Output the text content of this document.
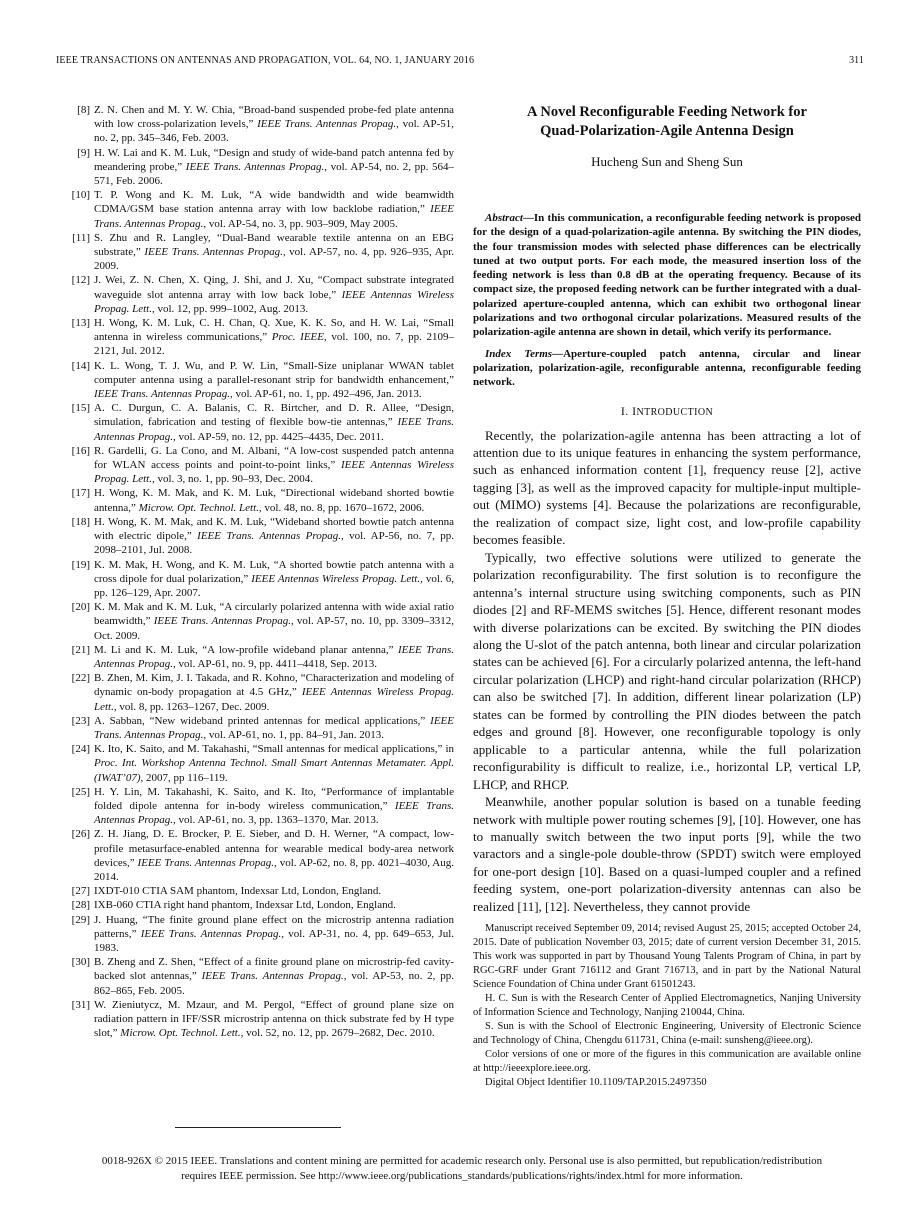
IEEE TRANSACTIONS ON ANTENNAS AND PROPAGATION, VOL. 64, NO. 1, JANUARY 2016	311
[8] Z. N. Chen and M. Y. W. Chia, “Broad-band suspended probe-fed plate antenna with low cross-polarization levels,” IEEE Trans. Antennas Propag., vol. AP-51, no. 2, pp. 345–346, Feb. 2003.
[9] H. W. Lai and K. M. Luk, “Design and study of wide-band patch antenna fed by meandering probe,” IEEE Trans. Antennas Propag., vol. AP-54, no. 2, pp. 564–571, Feb. 2006.
[10] T. P. Wong and K. M. Luk, “A wide bandwidth and wide beamwidth CDMA/GSM base station antenna array with low backlobe radiation,” IEEE Trans. Antennas Propag., vol. AP-54, no. 3, pp. 903–909, May 2005.
[11] S. Zhu and R. Langley, “Dual-Band wearable textile antenna on an EBG substrate,” IEEE Trans. Antennas Propag., vol. AP-57, no. 4, pp. 926–935, Apr. 2009.
[12] J. Wei, Z. N. Chen, X. Qing, J. Shi, and J. Xu, “Compact substrate integrated waveguide slot antenna array with low back lobe,” IEEE Antennas Wireless Propag. Lett., vol. 12, pp. 999–1002, Aug. 2013.
[13] H. Wong, K. M. Luk, C. H. Chan, Q. Xue, K. K. So, and H. W. Lai, “Small antenna in wireless communications,” Proc. IEEE, vol. 100, no. 7, pp. 2109–2121, Jul. 2012.
[14] K. L. Wong, T. J. Wu, and P. W. Lin, “Small-Size uniplanar WWAN tablet computer antenna using a parallel-resonant strip for bandwidth enhancement,” IEEE Trans. Antennas Propag., vol. AP-61, no. 1, pp. 492–496, Jan. 2013.
[15] A. C. Durgun, C. A. Balanis, C. R. Birtcher, and D. R. Allee, “Design, simulation, fabrication and testing of flexible bow-tie antennas,” IEEE Trans. Antennas Propag., vol. AP-59, no. 12, pp. 4425–4435, Dec. 2011.
[16] R. Gardelli, G. La Cono, and M. Albani, “A low-cost suspended patch antenna for WLAN access points and point-to-point links,” IEEE Antennas Wireless Propag. Lett., vol. 3, no. 1, pp. 90–93, Dec. 2004.
[17] H. Wong, K. M. Mak, and K. M. Luk, “Directional wideband shorted bowtie antenna,” Microw. Opt. Technol. Lett., vol. 48, no. 8, pp. 1670–1672, 2006.
[18] H. Wong, K. M. Mak, and K. M. Luk, “Wideband shorted bowtie patch antenna with electric dipole,” IEEE Trans. Antennas Propag., vol. AP-56, no. 7, pp. 2098–2101, Jul. 2008.
[19] K. M. Mak, H. Wong, and K. M. Luk, “A shorted bowtie patch antenna with a cross dipole for dual polarization,” IEEE Antennas Wireless Propag. Lett., vol. 6, pp. 126–129, Apr. 2007.
[20] K. M. Mak and K. M. Luk, “A circularly polarized antenna with wide axial ratio beamwidth,” IEEE Trans. Antennas Propag., vol. AP-57, no. 10, pp. 3309–3312, Oct. 2009.
[21] M. Li and K. M. Luk, “A low-profile wideband planar antenna,” IEEE Trans. Antennas Propag., vol. AP-61, no. 9, pp. 4411–4418, Sep. 2013.
[22] B. Zhen, M. Kim, J. I. Takada, and R. Kohno, “Characterization and modeling of dynamic on-body propagation at 4.5 GHz,” IEEE Antennas Wireless Propag. Lett., vol. 8, pp. 1263–1267, Dec. 2009.
[23] A. Sabban, “New wideband printed antennas for medical applications,” IEEE Trans. Antennas Propag., vol. AP-61, no. 1, pp. 84–91, Jan. 2013.
[24] K. Ito, K. Saito, and M. Takahashi, “Small antennas for medical applications,” in Proc. Int. Workshop Antenna Technol. Small Smart Antennas Metamater. Appl. (IWAT’07), 2007, pp 116–119.
[25] H. Y. Lin, M. Takahashi, K. Saito, and K. Ito, “Performance of implantable folded dipole antenna for in-body wireless communication,” IEEE Trans. Antennas Propag., vol. AP-61, no. 3, pp. 1363–1370, Mar. 2013.
[26] Z. H. Jiang, D. E. Brocker, P. E. Sieber, and D. H. Werner, “A compact, low-profile metasurface-enabled antenna for wearable medical body-area network devices,” IEEE Trans. Antennas Propag., vol. AP-62, no. 8, pp. 4021–4030, Aug. 2014.
[27] IXDT-010 CTIA SAM phantom, Indexsar Ltd, London, England.
[28] IXB-060 CTIA right hand phantom, Indexsar Ltd, London, England.
[29] J. Huang, “The finite ground plane effect on the microstrip antenna radiation patterns,” IEEE Trans. Antennas Propag., vol. AP-31, no. 4, pp. 649–653, Jul. 1983.
[30] B. Zheng and Z. Shen, “Effect of a finite ground plane on microstrip-fed cavity-backed slot antennas,” IEEE Trans. Antennas Propag., vol. AP-53, no. 2, pp. 862–865, Feb. 2005.
[31] W. Zieniutycz, M. Mzaur, and M. Pergol, “Effect of ground plane size on radiation pattern in IFF/SSR microstrip antenna on thick substrate fed by H type slot,” Microw. Opt. Technol. Lett., vol. 52, no. 12, pp. 2679–2682, Dec. 2010.
A Novel Reconfigurable Feeding Network for
Quad-Polarization-Agile Antenna Design
Hucheng Sun and Sheng Sun
Abstract—In this communication, a reconfigurable feeding network is proposed for the design of a quad-polarization-agile antenna. By switching the PIN diodes, the four transmission modes with selected phase differences can be electrically tuned at two output ports. For each mode, the measured insertion loss of the feeding network is less than 0.8 dB at the operating frequency. Because of its compact size, the proposed feeding network can be further integrated with a dual-polarized aperture-coupled antenna, which can exhibit two orthogonal linear polarizations and two orthogonal circular polarizations. Measured results of the polarization-agile antenna are shown in detail, which verify its performance.
Index Terms—Aperture-coupled patch antenna, circular and linear polarization, polarization-agile, reconfigurable antenna, reconfigurable feeding network.
I. INTRODUCTION

Recently, the polarization-agile antenna has been attracting a lot of attention due to its unique features in enhancing the system performance, such as enhanced information content [1], frequency reuse [2], active tagging [3], as well as the improved capacity for multiple-input multiple-out (MIMO) systems [4]. Because the polarizations are reconfigurable, the realization of compact size, light cost, and low-profile capability becomes feasible.

Typically, two effective solutions were utilized to generate the polarization reconfigurability. The first solution is to reconfigure the antenna’s internal structure using switching components, such as PIN diodes [2] and RF-MEMS switches [5]. Hence, different resonant modes with diverse polarizations can be excited. By switching the PIN diodes along the U-slot of the patch antenna, both linear and circular polarization states can be achieved [6]. For a circularly polarized antenna, the left-hand circular polarization (LHCP) and right-hand circular polarization (RHCP) can also be switched [7]. In addition, different linear polarization (LP) states can be formed by controlling the PIN diodes between the patch edges and ground [8]. However, one reconfigurable topology is only applicable to a particular antenna, while the full polarization reconfigurability is difficult to realize, i.e., horizontal LP, vertical LP, LHCP, and RHCP.

Meanwhile, another popular solution is based on a tunable feeding network with multiple power routing schemes [9], [10]. However, one has to manually switch between the two input ports [9], while the two varactors and a single-pole double-throw (SPDT) switch were employed for one-port design [10]. Based on a quasi-lumped coupler and a refined feeding system, one-port polarization-diversity antennas can also be realized [11], [12]. Nevertheless, they cannot provide

Manuscript received September 09, 2014; revised August 25, 2015; accepted October 24, 2015. Date of publication November 03, 2015; date of current version December 31, 2015. This work was supported in part by Thousand Young Talents Program of China, in part by RGC-GRF under Grant 716112 and Grant 716713, and in part by the National Natural Science Foundation of China under Grant 61501243.

H. C. Sun is with the Research Center of Applied Electromagnetics, Nanjing University of Information Science and Technology, Nanjing 210044, China.

S. Sun is with the School of Electronic Engineering, University of Electronic Science and Technology of China, Chengdu 611731, China (e-mail: sunsheng@ieee.org).

Color versions of one or more of the figures in this communication are available online at http://ieeexplore.ieee.org.

Digital Object Identifier 10.1109/TAP.2015.2497350

0018-926X © 2015 IEEE. Translations and content mining are permitted for academic research only. Personal use is also permitted, but republication/redistribution
requires IEEE permission. See http://www.ieee.org/publications_standards/publications/rights/index.html for more information.
